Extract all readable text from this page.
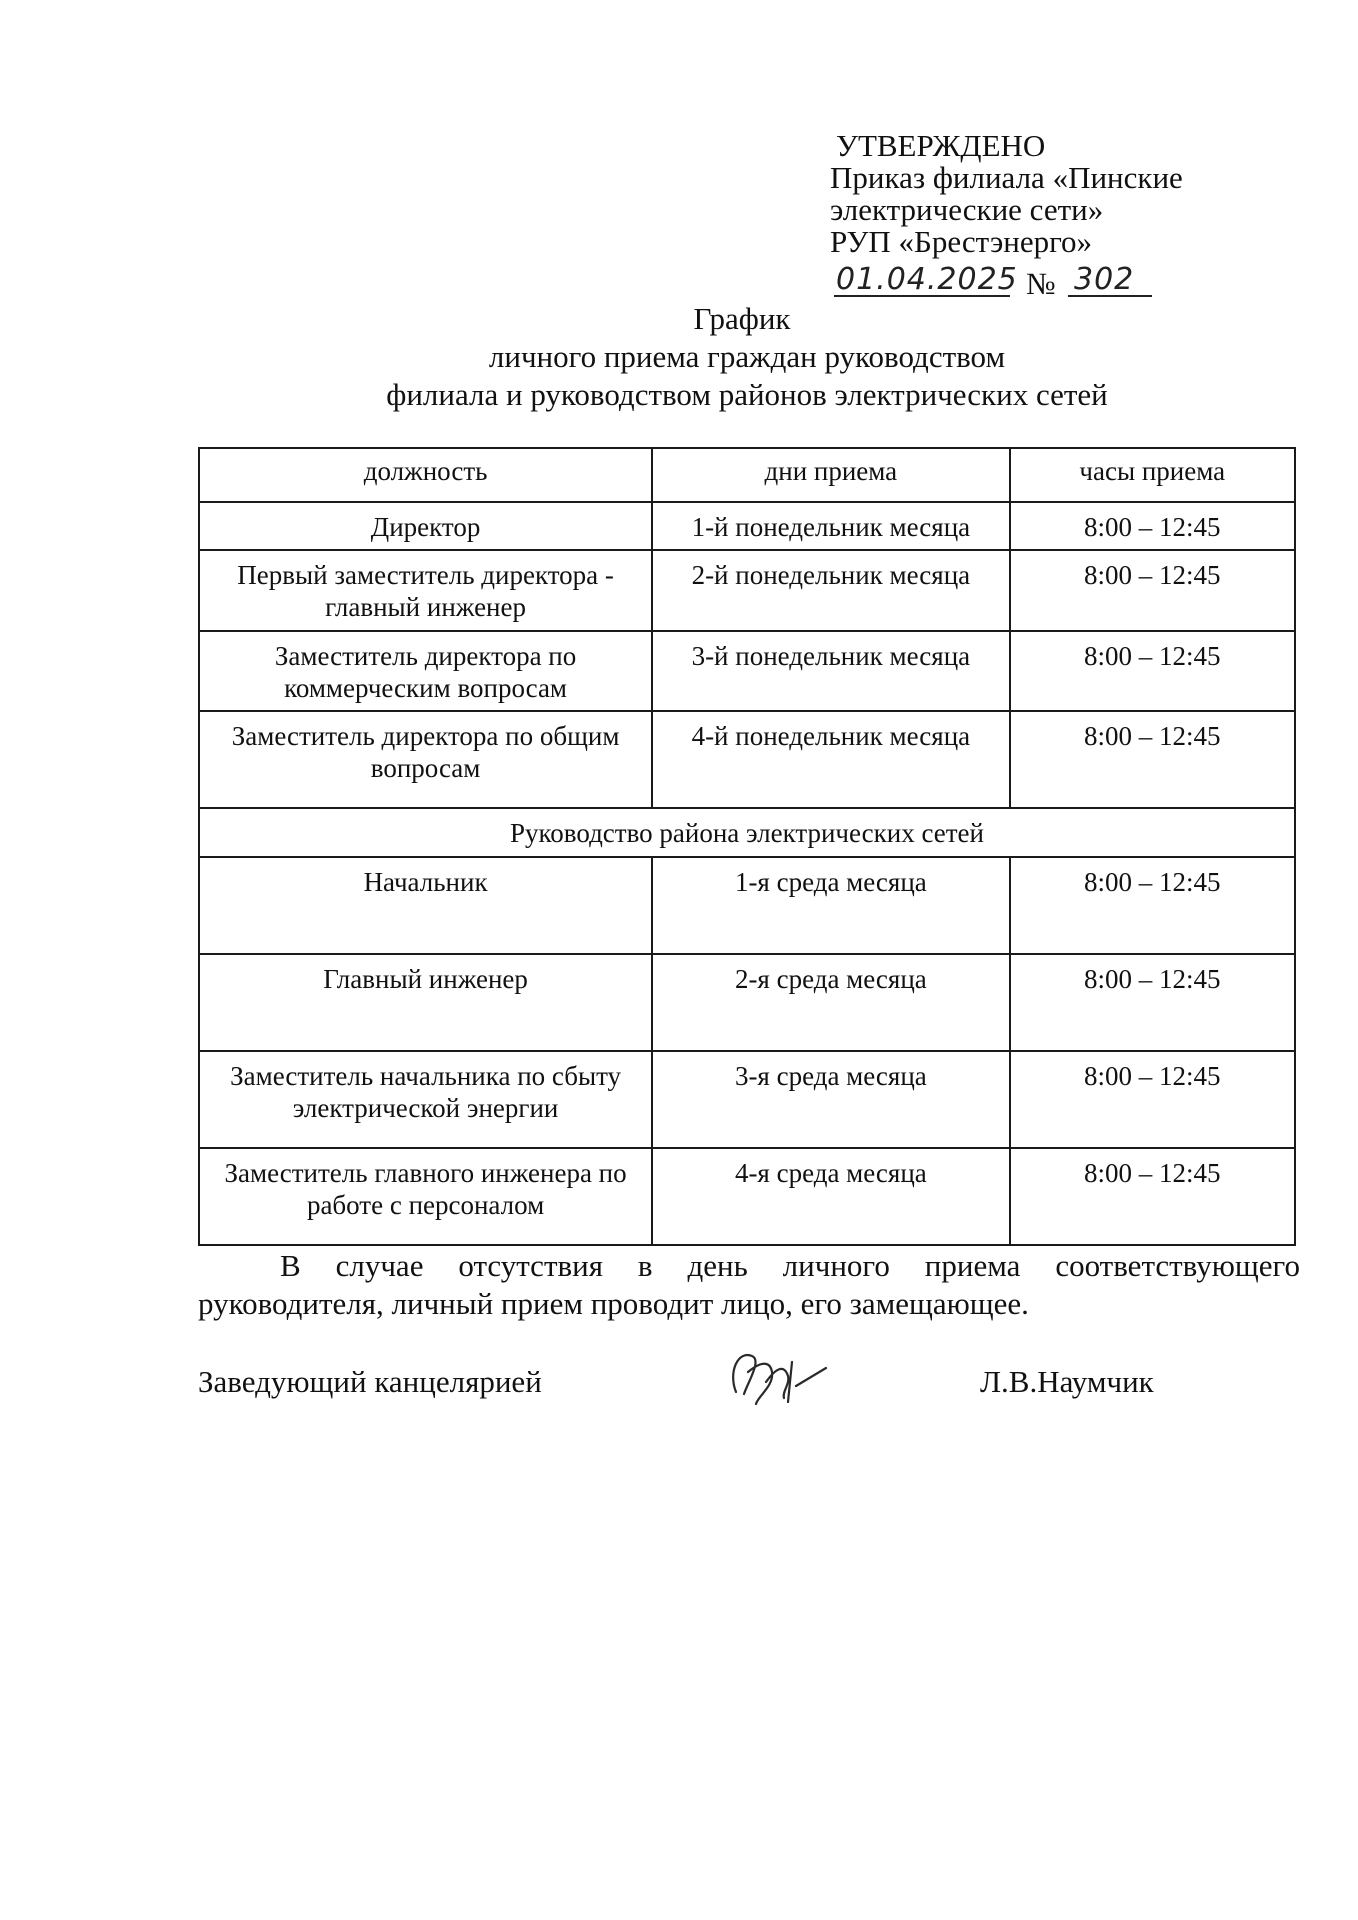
УТВЕРЖДЕНО
Приказ филиала «Пинские
электрические сети»
РУП «Брестэнерго»
01.04.2025 № 302
График
личного приема граждан руководством
филиала и руководством районов электрических сетей
должность	дни приема	часы приема
Директор	1-й понедельник месяца	8:00 – 12:45
Первый заместитель директора - главный инженер	2-й понедельник месяца	8:00 – 12:45
Заместитель директора по коммерческим вопросам	3-й понедельник месяца	8:00 – 12:45
Заместитель директора по общим вопросам	4-й понедельник месяца	8:00 – 12:45
Руководство района электрических сетей		
Начальник	1-я среда месяца	8:00 – 12:45
Главный инженер	2-я среда месяца	8:00 – 12:45
Заместитель начальника по сбыту электрической энергии	3-я среда месяца	8:00 – 12:45
Заместитель главного инженера по работе с персоналом	4-я среда месяца	8:00 – 12:45
В случае отсутствия в день личного приема соответствующего руководителя, личный прием проводит лицо, его замещающее.
Заведующий канцелярией	Л.В.Наумчик
